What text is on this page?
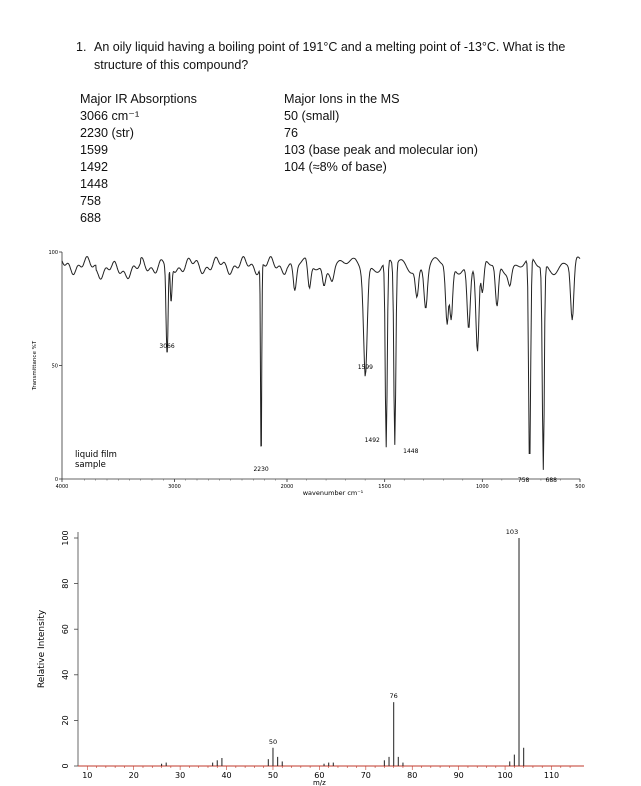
1. An oily liquid having a boiling point of 191°C and a melting point of -13°C. What is the structure of this compound?
Major IR Absorptions
3066 cm⁻¹
2230 (str)
1599
1492
1448
758
688
Major Ions in the MS
50 (small)
76
103 (base peak and molecular ion)
104 (≈8% of base)
0
50
100
4000	3000	2000	1500	1000	500
wavenumber cm⁻¹
Transmittance %T
liquid film
sample
3066
2230
1599
1492
1448
758	688
0
20
40
60
80
100
10	20	30	40	50	60	70	80	90	100	110
m/z
Relative Intensity
103
76
50
